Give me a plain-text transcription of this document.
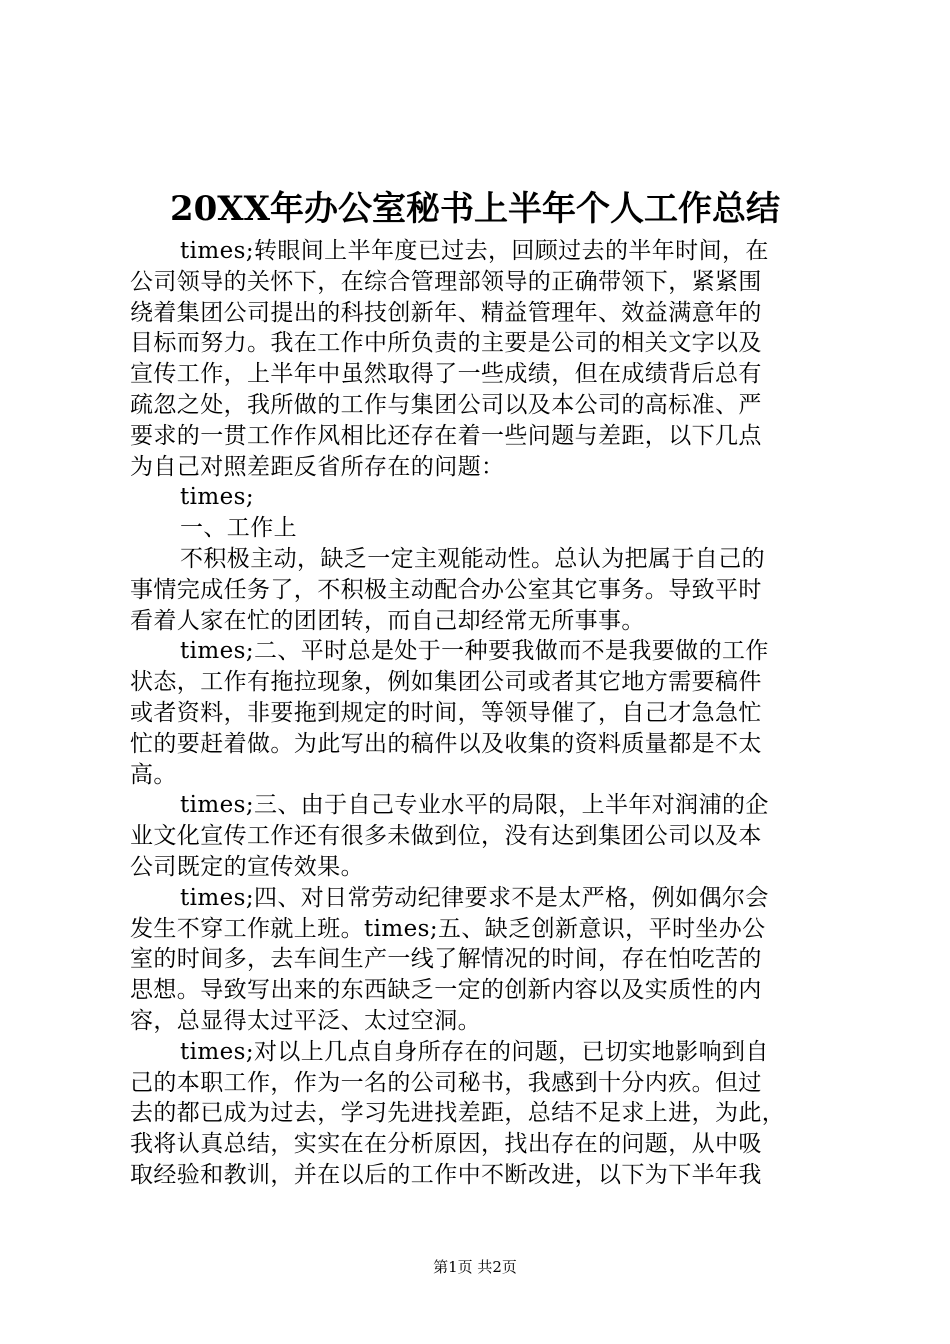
20XX年办公室秘书上半年个人工作总结
times;转眼间上半年度已过去，回顾过去的半年时间，在
公司领导的关怀下，在综合管理部领导的正确带领下，紧紧围
绕着集团公司提出的科技创新年、精益管理年、效益满意年的
目标而努力。我在工作中所负责的主要是公司的相关文字以及
宣传工作，上半年中虽然取得了一些成绩，但在成绩背后总有
疏忽之处，我所做的工作与集团公司以及本公司的高标准、严
要求的一贯工作作风相比还存在着一些问题与差距，以下几点
为自己对照差距反省所存在的问题：
times;
一、工作上
不积极主动，缺乏一定主观能动性。总认为把属于自己的
事情完成任务了，不积极主动配合办公室其它事务。导致平时
看着人家在忙的团团转，而自己却经常无所事事。
times;二、平时总是处于一种要我做而不是我要做的工作
状态，工作有拖拉现象，例如集团公司或者其它地方需要稿件
或者资料，非要拖到规定的时间，等领导催了，自己才急急忙
忙的要赶着做。为此写出的稿件以及收集的资料质量都是不太
高。
times;三、由于自己专业水平的局限，上半年对润浦的企
业文化宣传工作还有很多未做到位，没有达到集团公司以及本
公司既定的宣传效果。
times;四、对日常劳动纪律要求不是太严格，例如偶尔会
发生不穿工作就上班。times;五、缺乏创新意识，平时坐办公
室的时间多，去车间生产一线了解情况的时间，存在怕吃苦的
思想。导致写出来的东西缺乏一定的创新内容以及实质性的内
容，总显得太过平泛、太过空洞。
times;对以上几点自身所存在的问题，已切实地影响到自
己的本职工作，作为一名的公司秘书，我感到十分内疚。但过
去的都已成为过去，学习先进找差距，总结不足求上进，为此，
我将认真总结，实实在在分析原因，找出存在的问题，从中吸
取经验和教训，并在以后的工作中不断改进，以下为下半年我
第1页 共2页
